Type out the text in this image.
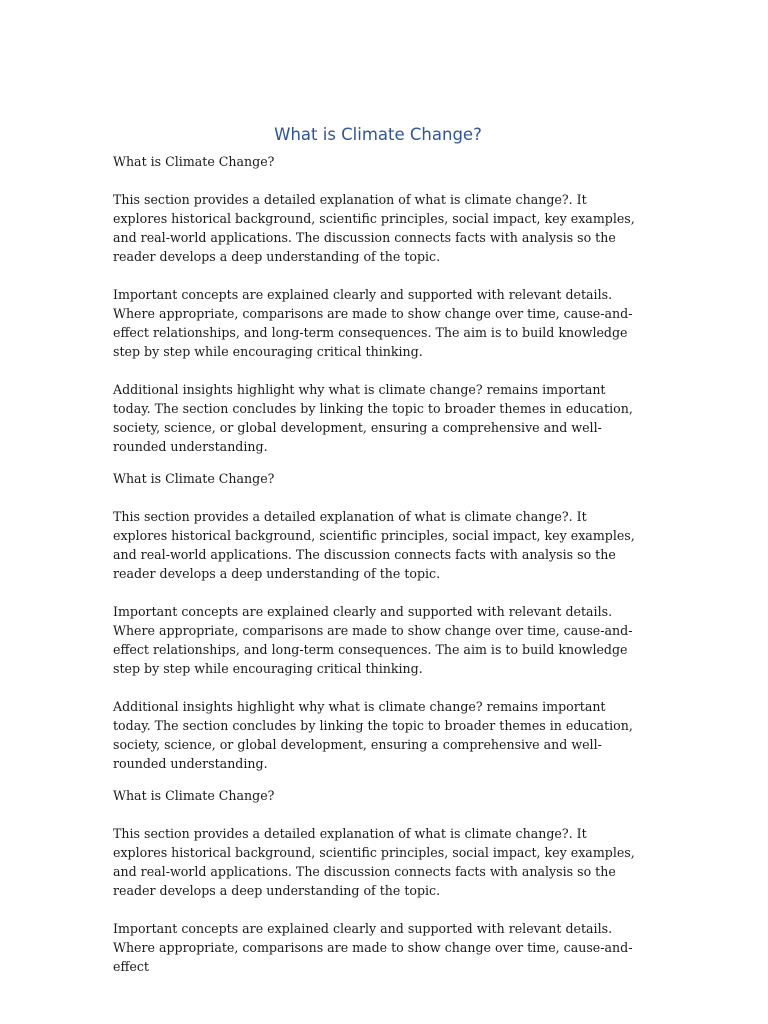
What is Climate Change?

What is Climate Change?

This section provides a detailed explanation of what is climate change?. It explores historical background, scientific principles, social impact, key examples, and real-world applications. The discussion connects facts with analysis so the reader develops a deep understanding of the topic.

Important concepts are explained clearly and supported with relevant details. Where appropriate, comparisons are made to show change over time, cause-and-effect relationships, and long-term consequences. The aim is to build knowledge step by step while encouraging critical thinking.

Additional insights highlight why what is climate change? remains important today. The section concludes by linking the topic to broader themes in education, society, science, or global development, ensuring a comprehensive and well-rounded understanding.

What is Climate Change?

This section provides a detailed explanation of what is climate change?. It explores historical background, scientific principles, social impact, key examples, and real-world applications. The discussion connects facts with analysis so the reader develops a deep understanding of the topic.

Important concepts are explained clearly and supported with relevant details. Where appropriate, comparisons are made to show change over time, cause-and-effect relationships, and long-term consequences. The aim is to build knowledge step by step while encouraging critical thinking.

Additional insights highlight why what is climate change? remains important today. The section concludes by linking the topic to broader themes in education, society, science, or global development, ensuring a comprehensive and well-rounded understanding.

What is Climate Change?

This section provides a detailed explanation of what is climate change?. It explores historical background, scientific principles, social impact, key examples, and real-world applications. The discussion connects facts with analysis so the reader develops a deep understanding of the topic.

Important concepts are explained clearly and supported with relevant details. Where appropriate, comparisons are made to show change over time, cause-and-effect
